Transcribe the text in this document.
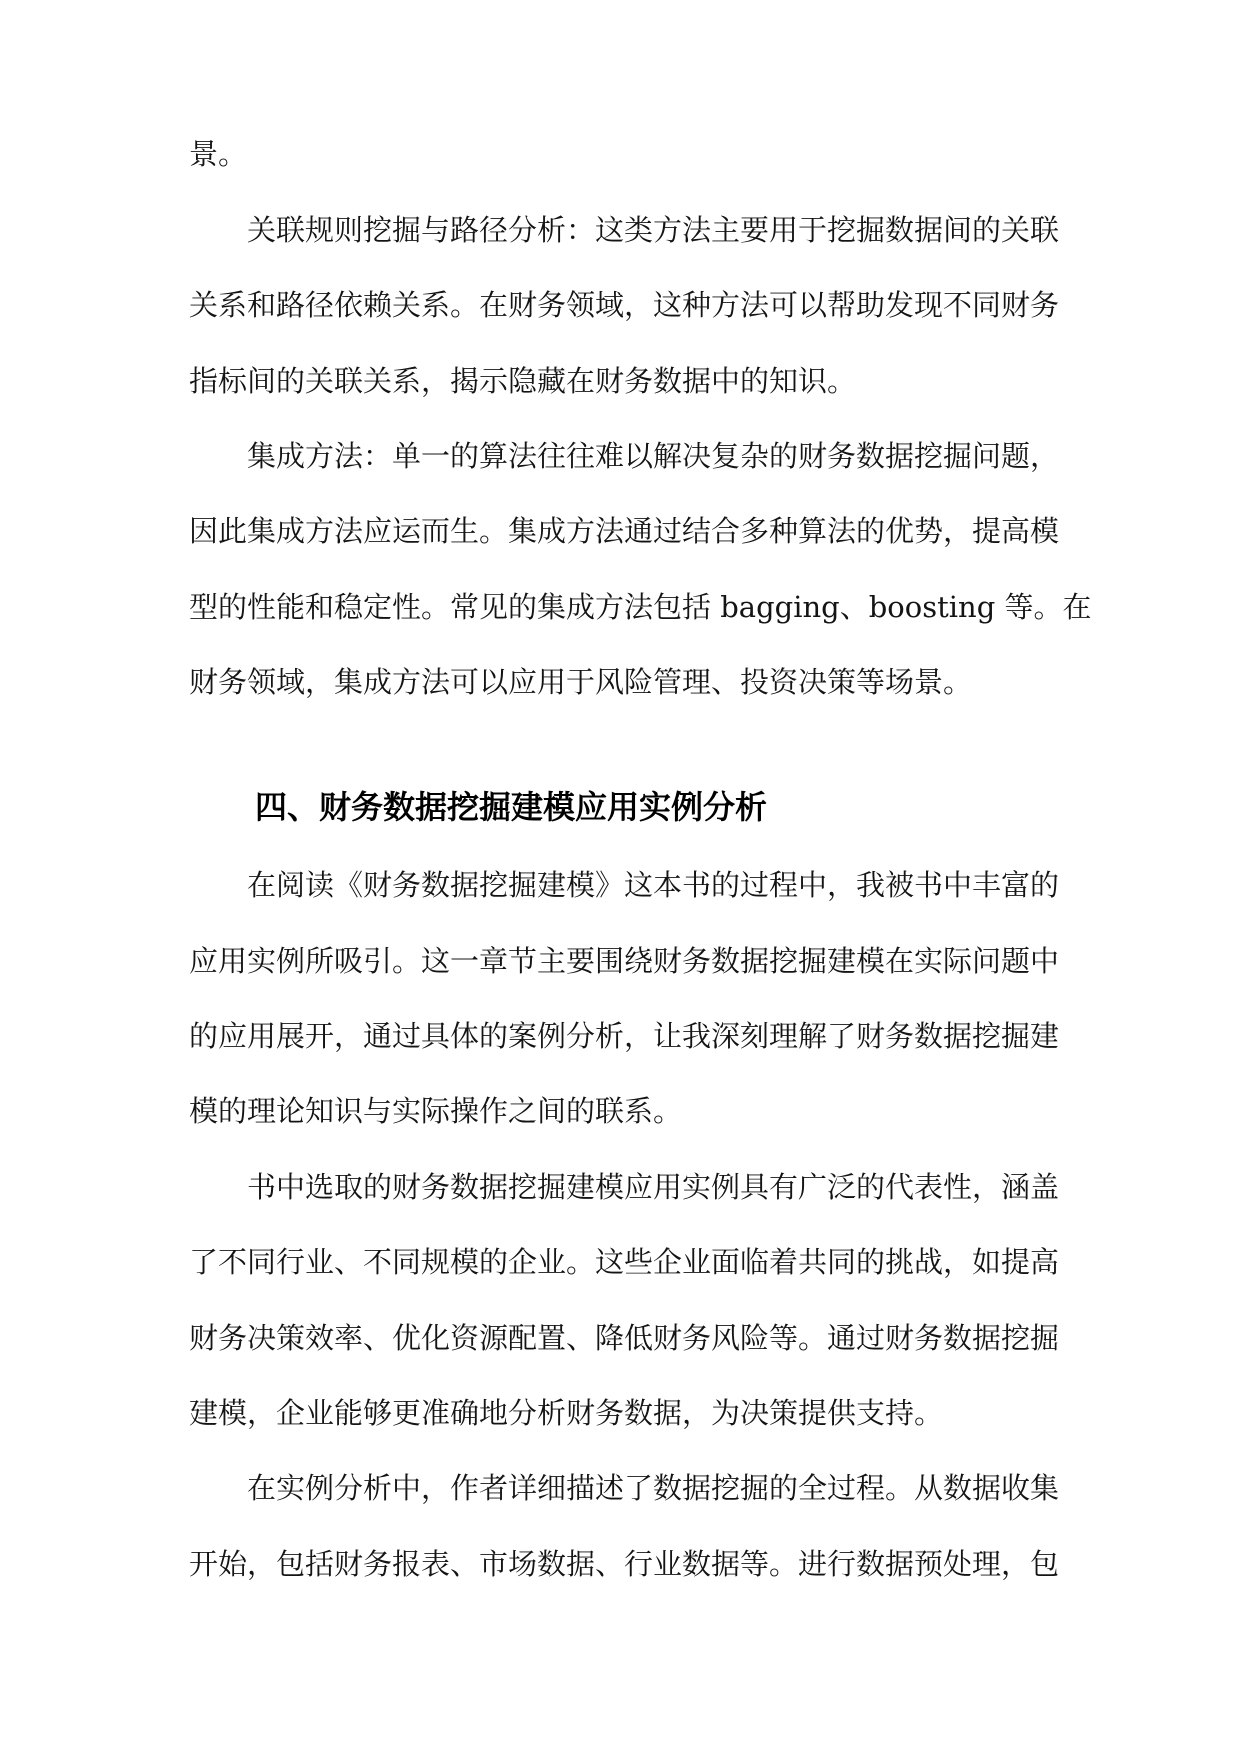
景。

关联规则挖掘与路径分析：这类方法主要用于挖掘数据间的关联

关系和路径依赖关系。在财务领域，这种方法可以帮助发现不同财务

指标间的关联关系，揭示隐藏在财务数据中的知识。

集成方法：单一的算法往往难以解决复杂的财务数据挖掘问题，

因此集成方法应运而生。集成方法通过结合多种算法的优势，提高模

型的性能和稳定性。常见的集成方法包括 bagging、boosting 等。在

财务领域，集成方法可以应用于风险管理、投资决策等场景。

四、财务数据挖掘建模应用实例分析

在阅读《财务数据挖掘建模》这本书的过程中，我被书中丰富的

应用实例所吸引。这一章节主要围绕财务数据挖掘建模在实际问题中

的应用展开，通过具体的案例分析，让我深刻理解了财务数据挖掘建

模的理论知识与实际操作之间的联系。

书中选取的财务数据挖掘建模应用实例具有广泛的代表性，涵盖

了不同行业、不同规模的企业。这些企业面临着共同的挑战，如提高

财务决策效率、优化资源配置、降低财务风险等。通过财务数据挖掘

建模，企业能够更准确地分析财务数据，为决策提供支持。

在实例分析中，作者详细描述了数据挖掘的全过程。从数据收集

开始，包括财务报表、市场数据、行业数据等。进行数据预处理，包
